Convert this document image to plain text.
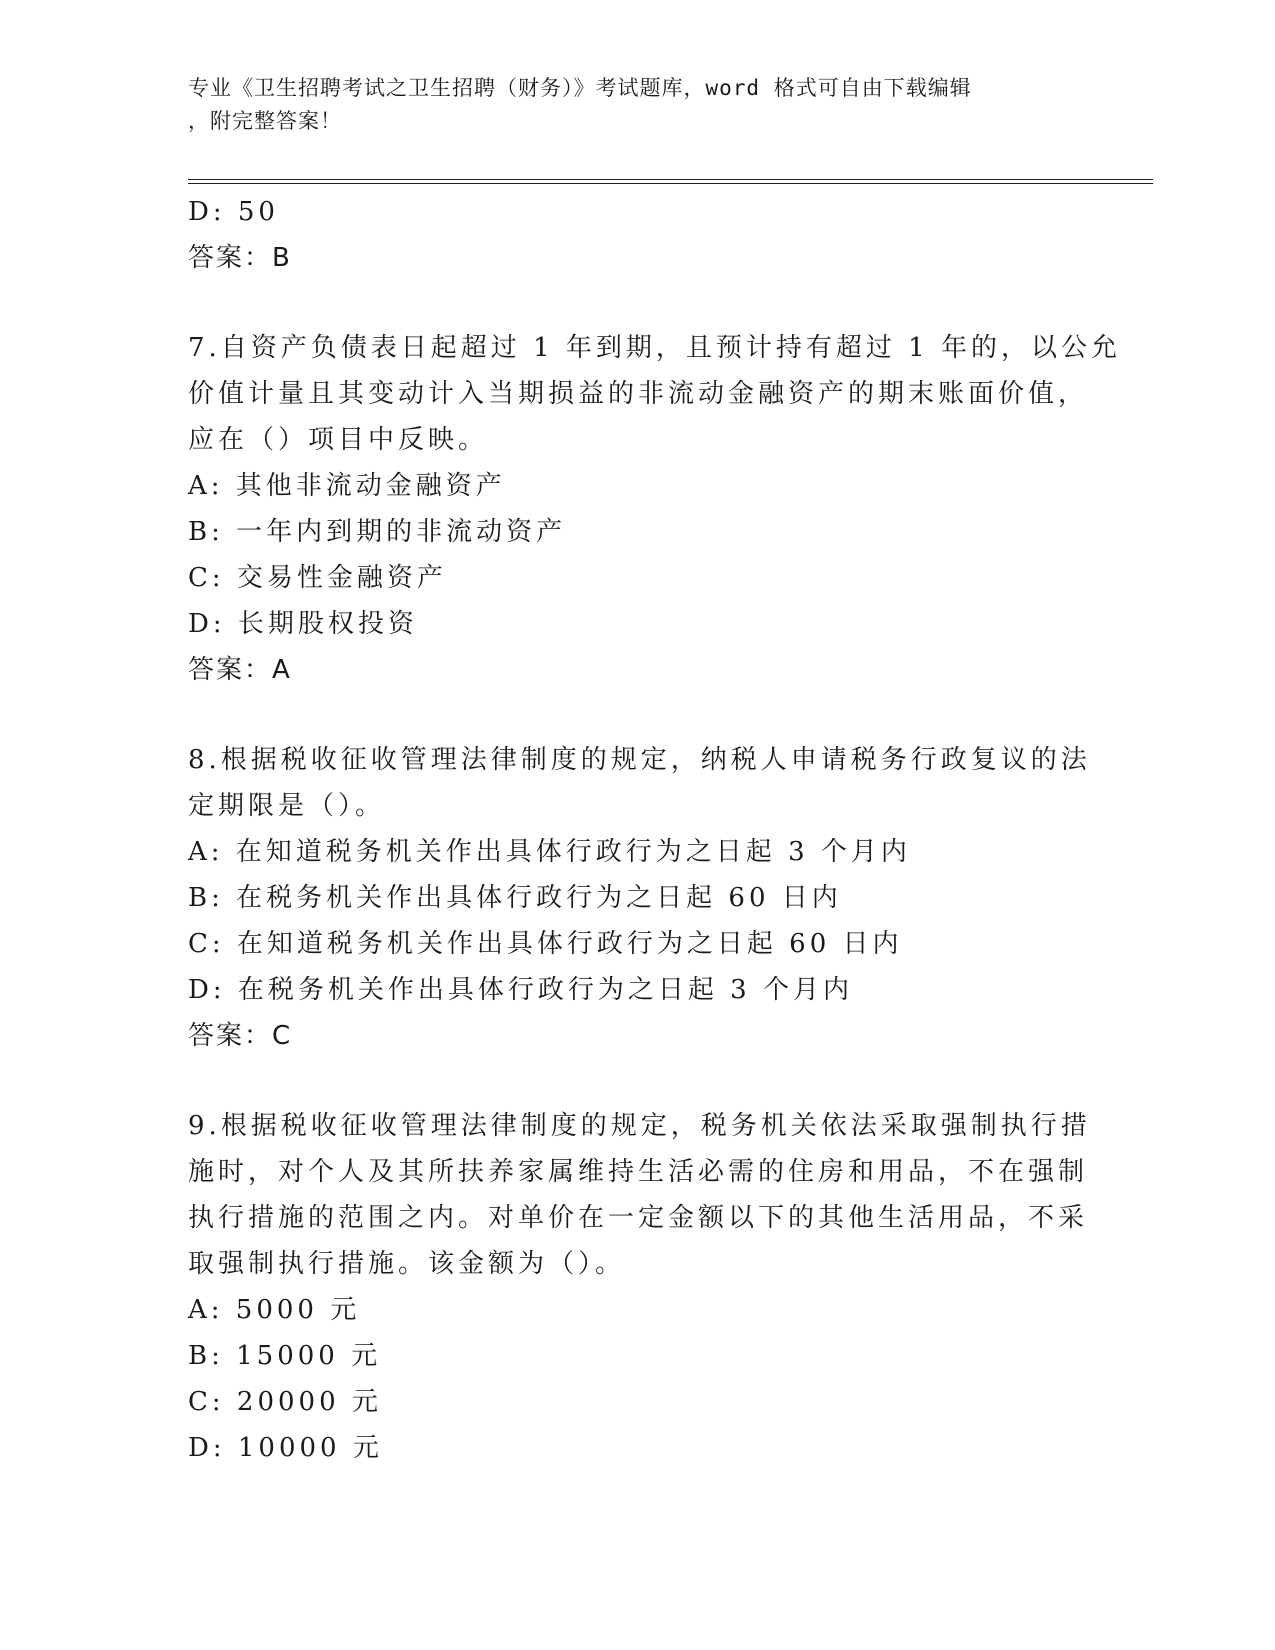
专业《卫生招聘考试之卫生招聘（财务）》考试题库，word 格式可自由下载编辑
，附完整答案！
D: 50
答案：B
7.自资产负债表日起超过 1 年到期，且预计持有超过 1 年的，以公允
价值计量且其变动计入当期损益的非流动金融资产的期末账面价值，
应在（）项目中反映。
A: 其他非流动金融资产
B: 一年内到期的非流动资产
C: 交易性金融资产
D: 长期股权投资
答案：A
8.根据税收征收管理法律制度的规定，纳税人申请税务行政复议的法
定期限是（）。
A: 在知道税务机关作出具体行政行为之日起 3 个月内
B: 在税务机关作出具体行政行为之日起 60 日内
C: 在知道税务机关作出具体行政行为之日起 60 日内
D: 在税务机关作出具体行政行为之日起 3 个月内
答案：C
9.根据税收征收管理法律制度的规定，税务机关依法采取强制执行措
施时，对个人及其所扶养家属维持生活必需的住房和用品，不在强制
执行措施的范围之内。对单价在一定金额以下的其他生活用品，不采
取强制执行措施。该金额为（）。
A: 5000 元
B: 15000 元
C: 20000 元
D: 10000 元
